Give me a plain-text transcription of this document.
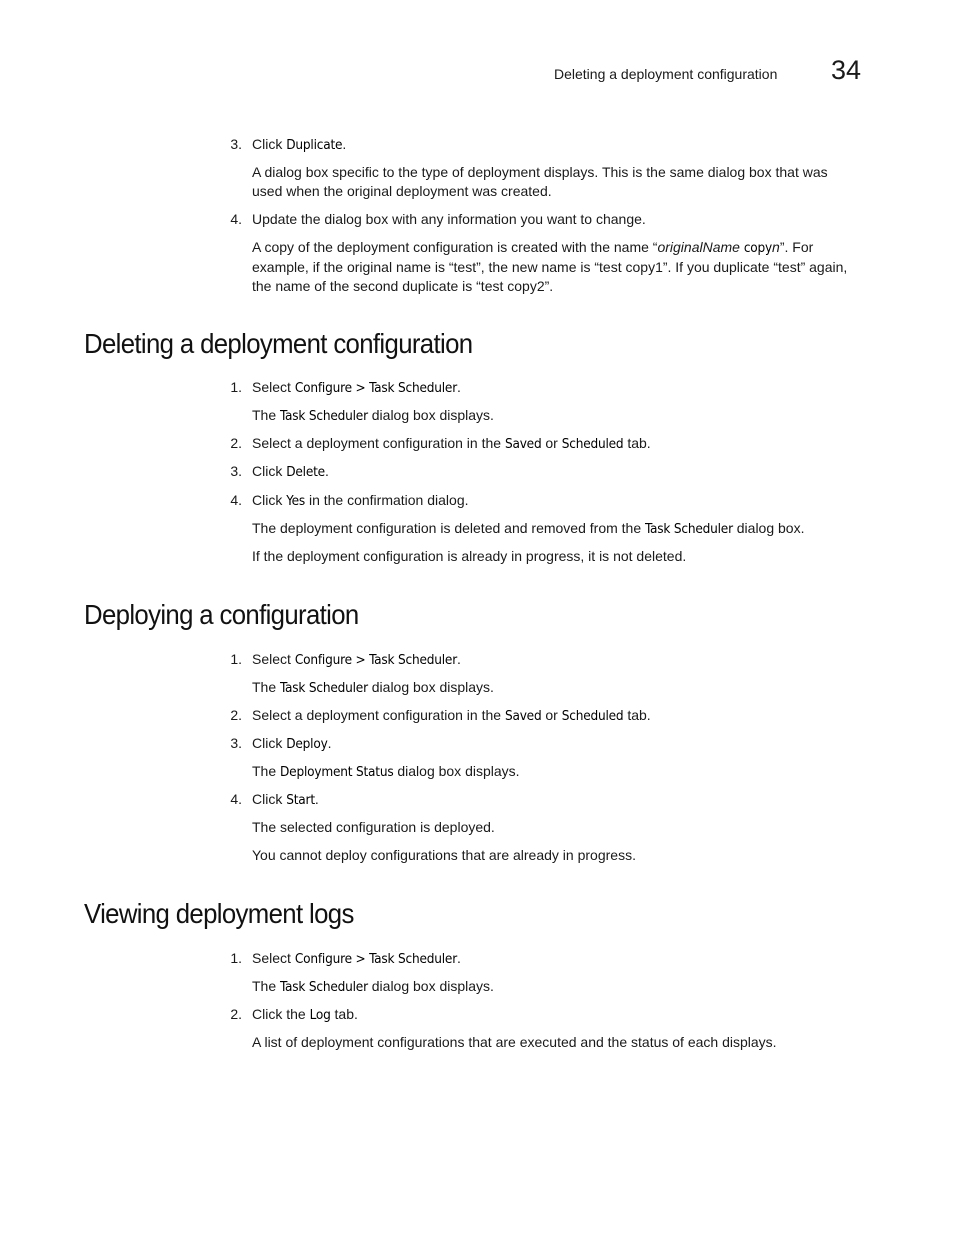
Deleting a deployment configuration 34
3. Click Duplicate.
A dialog box specific to the type of deployment displays. This is the same dialog box that was used when the original deployment was created.
4. Update the dialog box with any information you want to change.
A copy of the deployment configuration is created with the name “originalName copyn”. For example, if the original name is “test”, the new name is “test copy1”. If you duplicate “test” again, the name of the second duplicate is “test copy2”.
Deleting a deployment configuration
1. Select Configure > Task Scheduler.
The Task Scheduler dialog box displays.
2. Select a deployment configuration in the Saved or Scheduled tab.
3. Click Delete.
4. Click Yes in the confirmation dialog.
The deployment configuration is deleted and removed from the Task Scheduler dialog box.
If the deployment configuration is already in progress, it is not deleted.
Deploying a configuration
1. Select Configure > Task Scheduler.
The Task Scheduler dialog box displays.
2. Select a deployment configuration in the Saved or Scheduled tab.
3. Click Deploy.
The Deployment Status dialog box displays.
4. Click Start.
The selected configuration is deployed.
You cannot deploy configurations that are already in progress.
Viewing deployment logs
1. Select Configure > Task Scheduler.
The Task Scheduler dialog box displays.
2. Click the Log tab.
A list of deployment configurations that are executed and the status of each displays.
